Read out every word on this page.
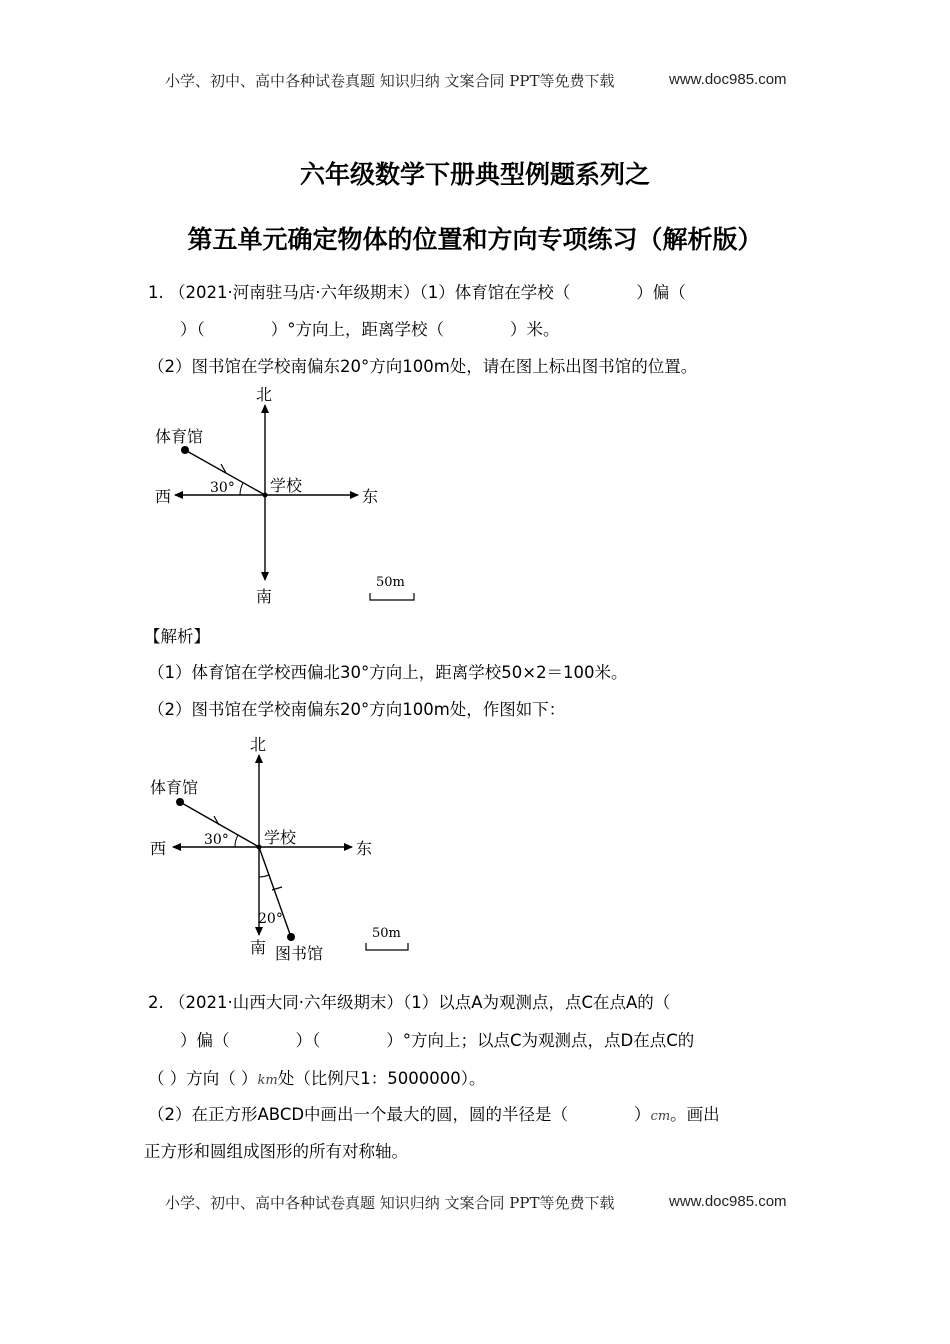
小学、初中、高中各种试卷真题 知识归纳 文案合同 PPT等免费下载	www.doc985.com
六年级数学下册典型例题系列之
第五单元确定物体的位置和方向专项练习（解析版）
1. （2021·河南驻马店·六年级期末）（1）体育馆在学校（　　　　）偏（
）（　　　　）°方向上，距离学校（　　　　）米。
（2）图书馆在学校南偏东20°方向100m处，请在图上标出图书馆的位置。
北
南
东
西
学校
体育馆
30°
50m
【解析】
（1）体育馆在学校西偏北30°方向上，距离学校50×2＝100米。
（2）图书馆在学校南偏东20°方向100m处，作图如下：
北
南
东
西
学校
体育馆
图书馆
30°
20°
50m
2. （2021·山西大同·六年级期末）（1）以点A为观测点，点C在点A的（
）偏（　　　　）（　　　　）°方向上；以点C为观测点，点D在点C的
（ ）方向（ ）km处（比例尺1：5000000）。
（2）在正方形ABCD中画出一个最大的圆，圆的半径是（　　　　）cm。画出
正方形和圆组成图形的所有对称轴。
小学、初中、高中各种试卷真题 知识归纳 文案合同 PPT等免费下载	www.doc985.com
